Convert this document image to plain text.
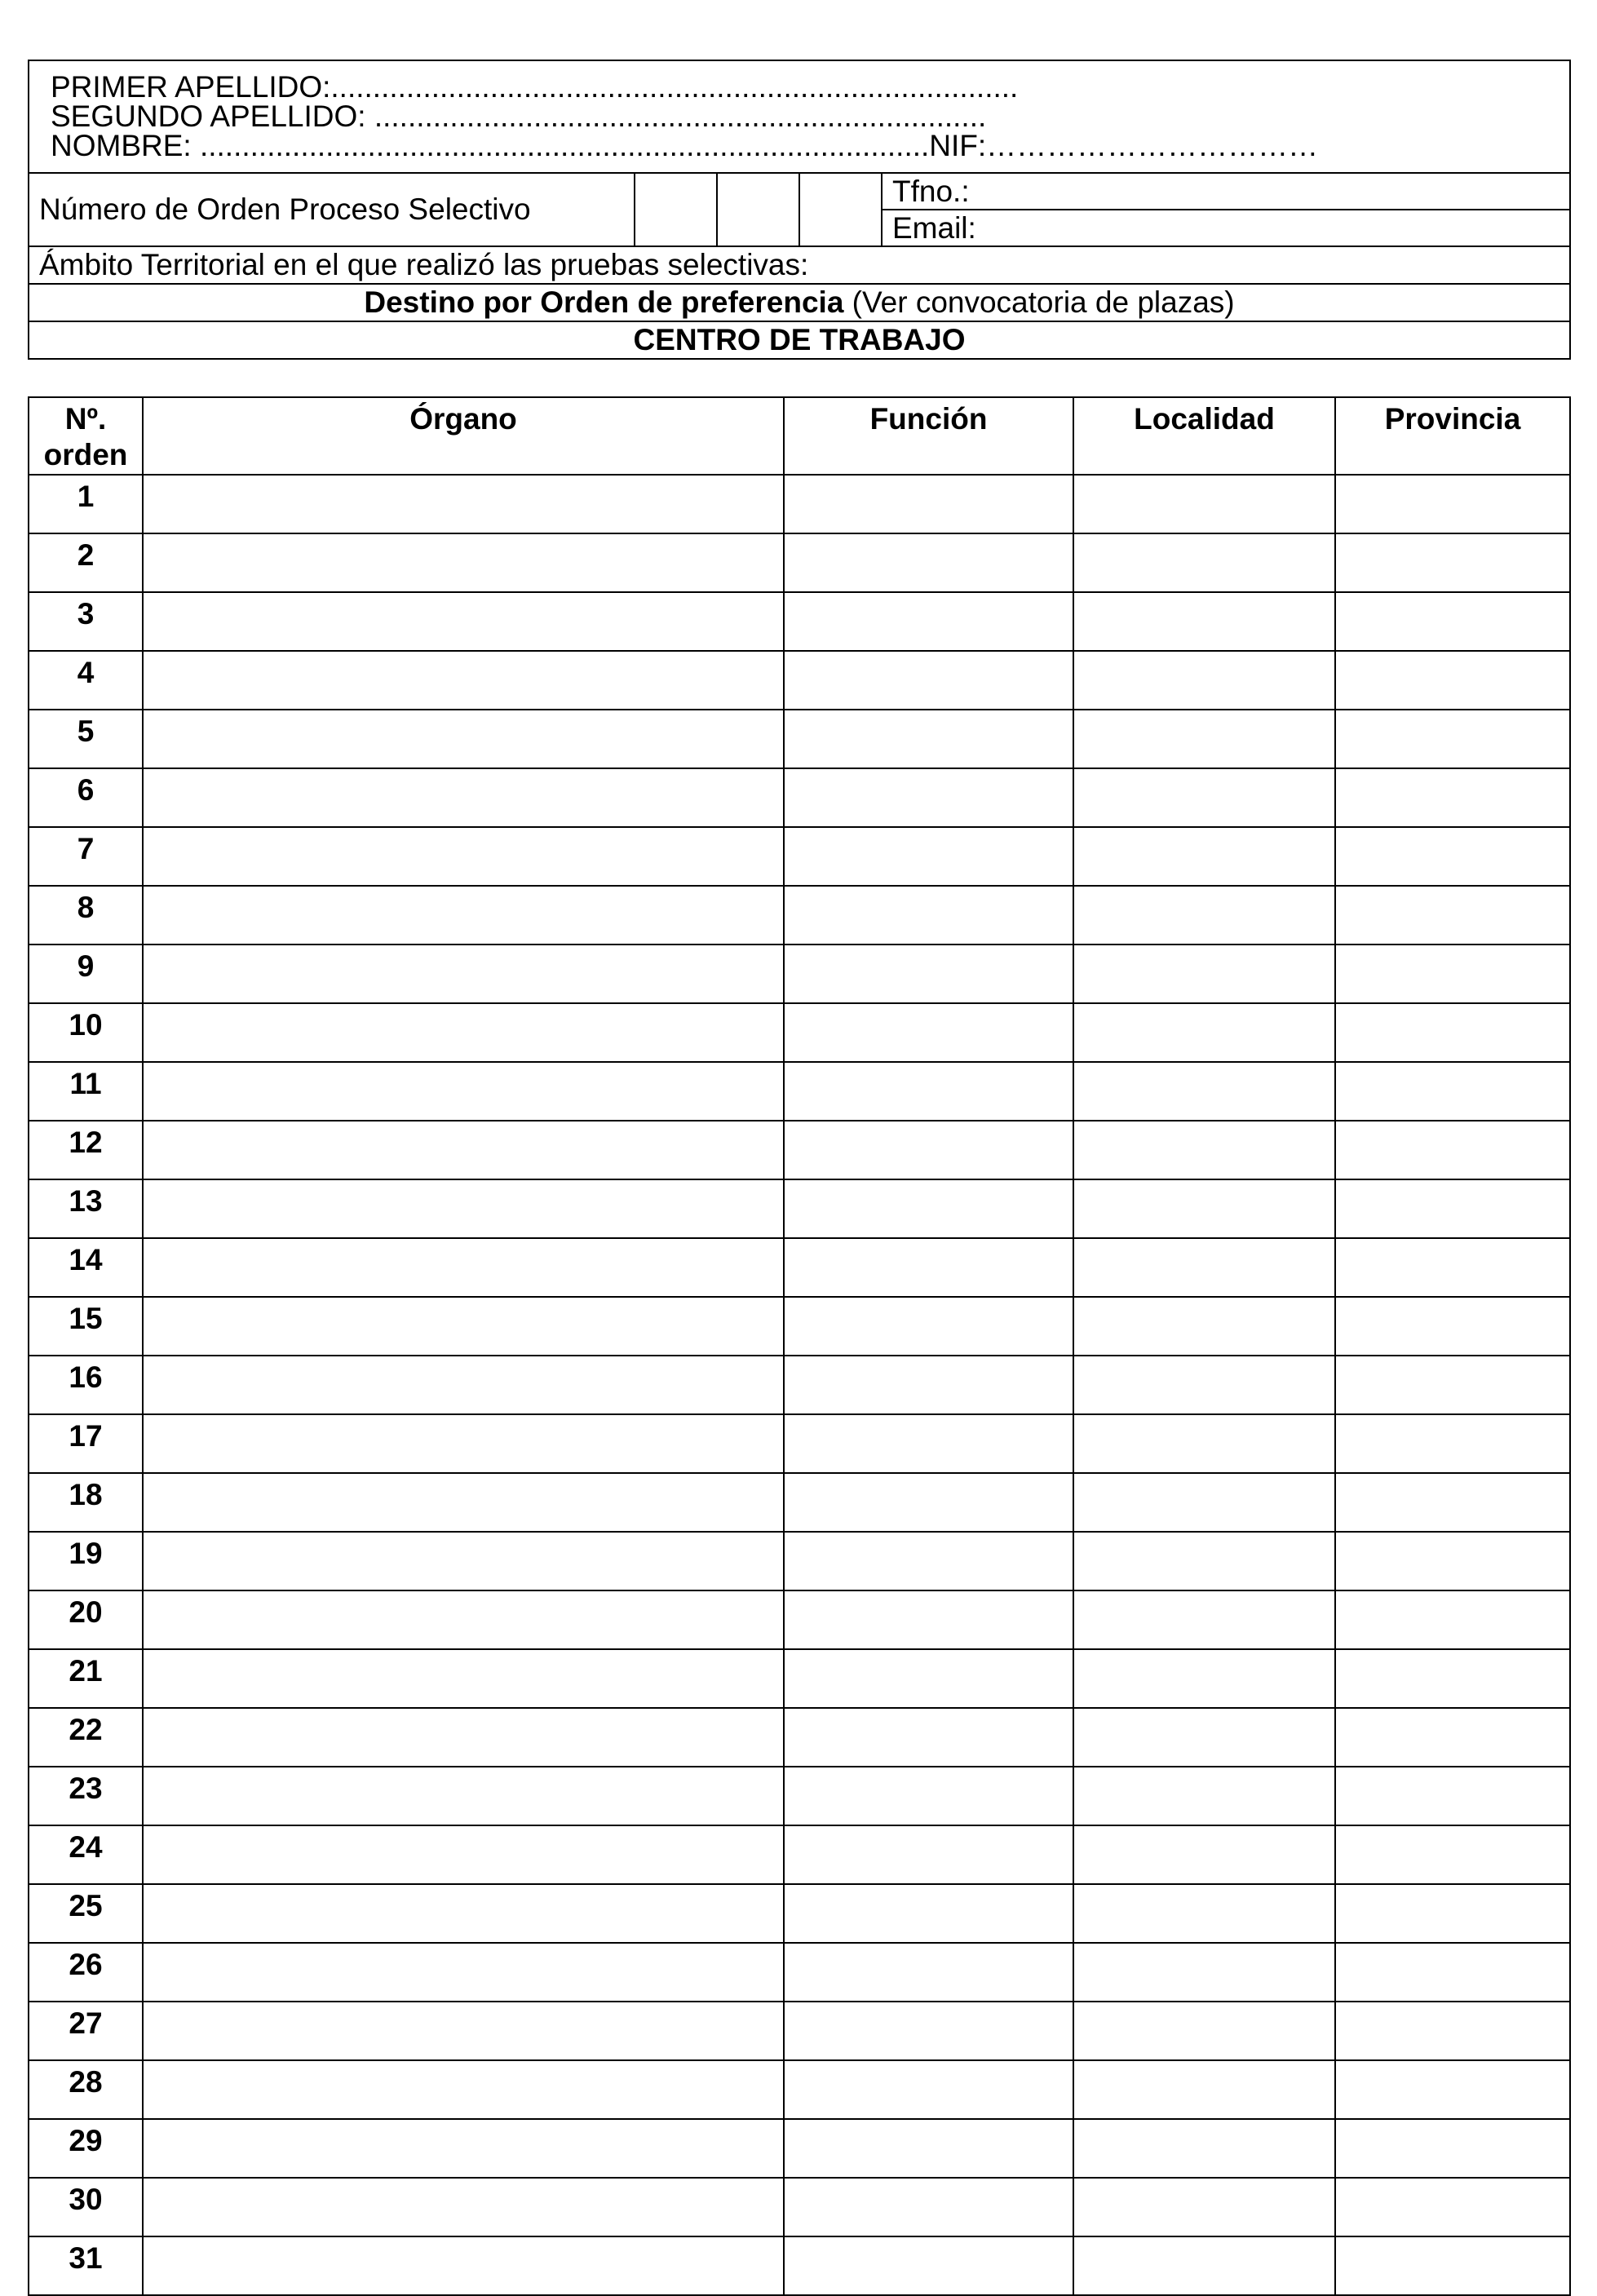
PRIMER APELLIDO:..................................................................................
SEGUNDO APELLIDO: .........................................................................
NOMBRE: .......................................................................................NIF:……………………………

Número de Orden Proceso Selectivo				Tfno.:
Email:
Ámbito Territorial en el que realizó las pruebas selectivas:
Destino por Orden de preferencia (Ver convocatoria de plazas)
CENTRO DE TRABAJO
Nº.
orden	Órgano	Función	Localidad	Provincia
1				
2				
3				
4				
5				
6				
7				
8				
9				
10				
11				
12				
13				
14				
15				
16				
17				
18				
19				
20				
21				
22				
23				
24				
25				
26				
27				
28				
29				
30				
31				
